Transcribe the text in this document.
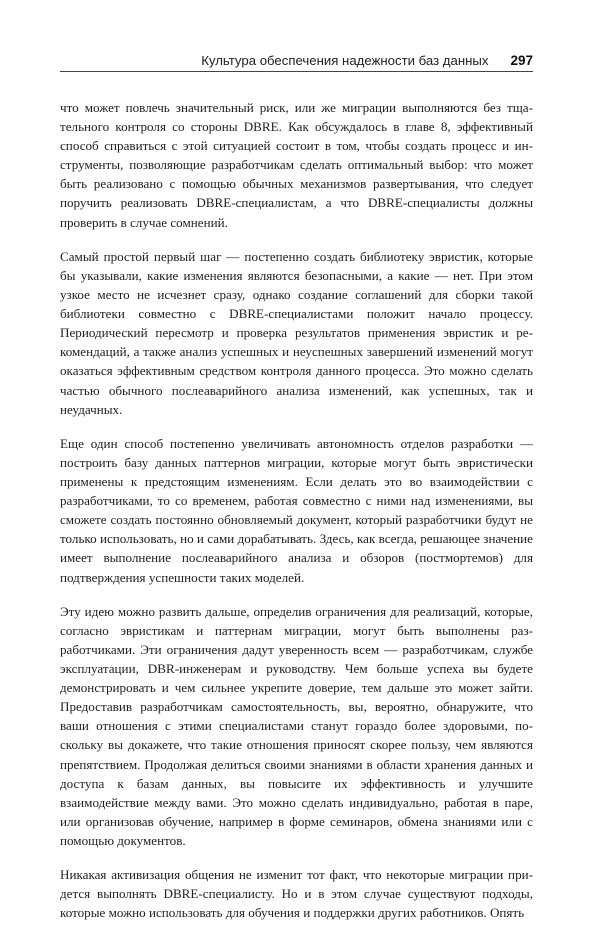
Культура обеспечения надежности баз данных 297

что может повлечь значительный риск, или же миграции выполняются без тщательного контроля со стороны DBRE. Как обсуждалось в главе 8, эффективный способ справиться с этой ситуацией состоит в том, чтобы создать процесс и инструменты, позволяющие разработчикам сделать оптимальный выбор: что может быть реализовано с помощью обычных механизмов развертывания, что следует поручить реализовать DBRE-специалистам, а что DBRE-специалисты должны проверить в случае сомнений.

Самый простой первый шаг — постепенно создать библиотеку эвристик, которые бы указывали, какие изменения являются безопасными, а какие — нет. При этом узкое место не исчезнет сразу, однако создание соглашений для сборки такой библиотеки совместно с DBRE-специалистами положит начало процессу. Периодический пересмотр и проверка результатов применения эвристик и рекомендаций, а также анализ успешных и неуспешных завершений изменений могут оказаться эффективным средством контроля данного процесса. Это можно сделать частью обычного послеаварийного анализа изменений, как успешных, так и неудачных.

Еще один способ постепенно увеличивать автономность отделов разработки — построить базу данных паттернов миграции, которые могут быть эвристически применены к предстоящим изменениям. Если делать это во взаимодействии с разработчиками, то со временем, работая совместно с ними над изменениями, вы сможете создать постоянно обновляемый документ, который разработчики будут не только использовать, но и сами дорабатывать. Здесь, как всегда, решающее значение имеет выполнение послеаварийного анализа и обзоров (постмортемов) для подтверждения успешности таких моделей.

Эту идею можно развить дальше, определив ограничения для реализаций, которые, согласно эвристикам и паттернам миграции, могут быть выполнены разработчиками. Эти ограничения дадут уверенность всем — разработчикам, службе эксплуатации, DBR-инженерам и руководству. Чем больше успеха вы будете демонстрировать и чем сильнее укрепите доверие, тем дальше это может зайти. Предоставив разработчикам самостоятельность, вы, вероятно, обнаружите, что ваши отношения с этими специалистами станут гораздо более здоровыми, поскольку вы докажете, что такие отношения приносят скорее пользу, чем являются препятствием. Продолжая делиться своими знаниями в области хранения данных и доступа к базам данных, вы повысите их эффективность и улучшите взаимодействие между вами. Это можно сделать индивидуально, работая в паре, или организовав обучение, например в форме семинаров, обмена знаниями или с помощью документов.

Никакая активизация общения не изменит тот факт, что некоторые миграции придется выполнять DBRE-специалисту. Но и в этом случае существуют подходы, которые можно использовать для обучения и поддержки других работников. Опять
